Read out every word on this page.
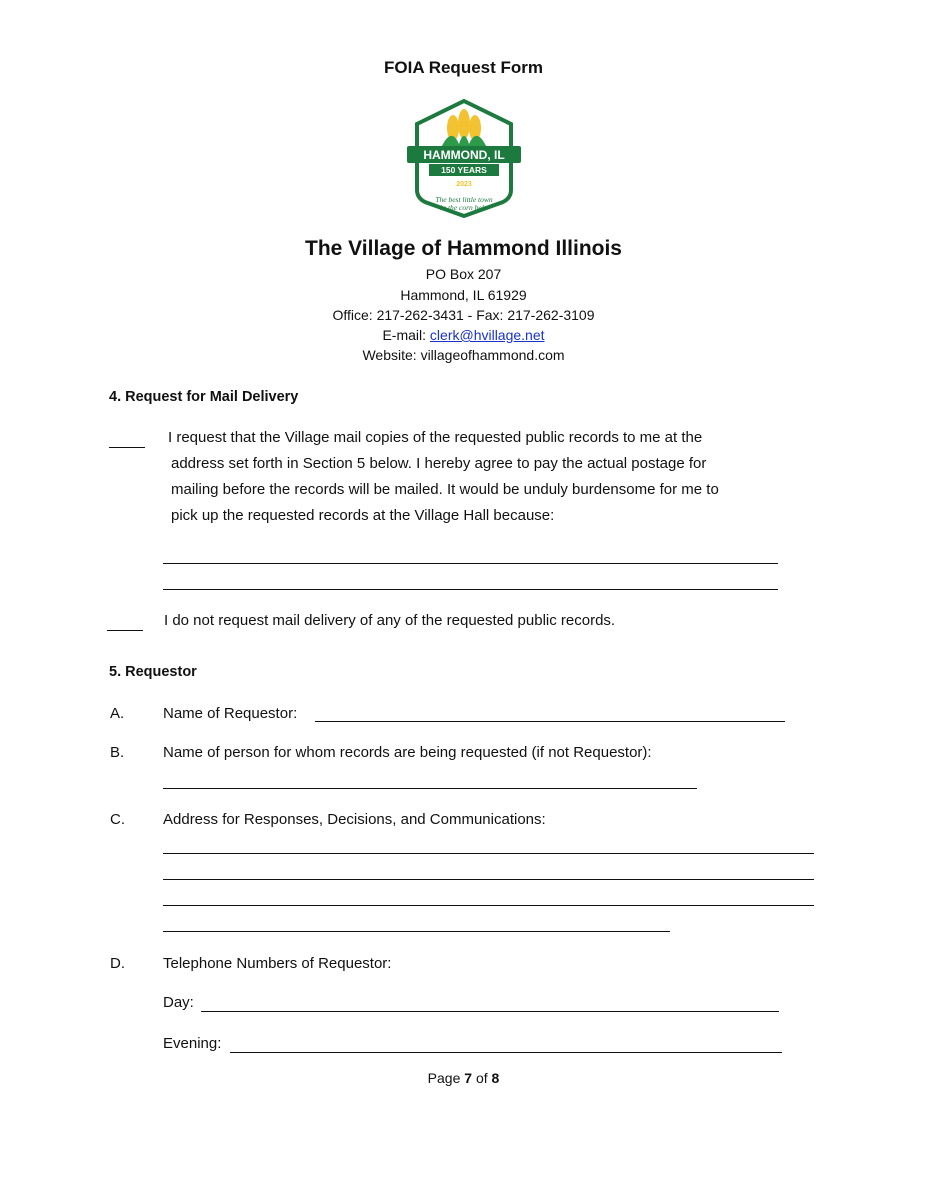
FOIA Request Form
HAMMOND, IL
150 YEARS
2023
The best little town
in the corn belt.
The Village of Hammond Illinois
PO Box 207
Hammond, IL 61929
Office: 217-262-3431 - Fax: 217-262-3109
E-mail: clerk@hvillage.net
Website: villageofhammond.com
4. Request for Mail Delivery
I request that the Village mail copies of the requested public records to me at the
address set forth in Section 5 below. I hereby agree to pay the actual postage for
mailing before the records will be mailed. It would be unduly burdensome for me to
pick up the requested records at the Village Hall because:
I do not request mail delivery of any of the requested public records.
5. Requestor
A.	Name of Requestor:
B.	Name of person for whom records are being requested (if not Requestor):
C.	Address for Responses, Decisions, and Communications:
D.	Telephone Numbers of Requestor:
Day:
Evening:
Page 7 of 8
